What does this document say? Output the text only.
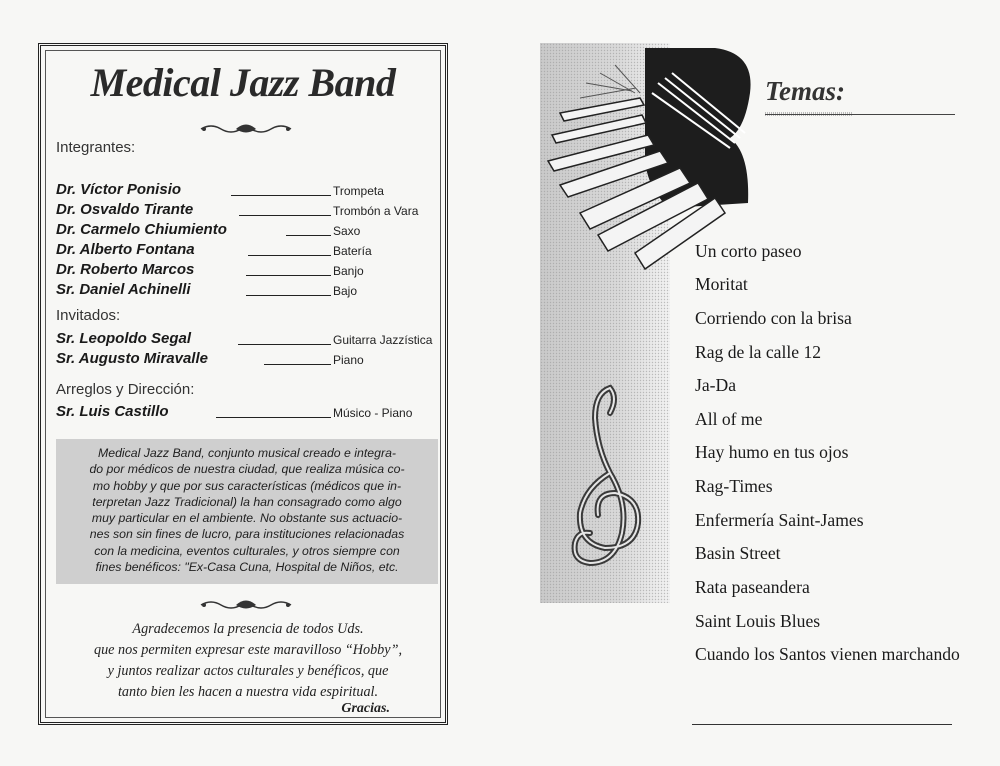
Medical Jazz Band
Integrantes:
Dr. Víctor Ponisio	Trompeta
Dr. Osvaldo Tirante	Trombón a Vara
Dr. Carmelo Chiumiento	Saxo
Dr. Alberto Fontana	Batería
Dr. Roberto Marcos	Banjo
Sr. Daniel Achinelli	Bajo
Invitados:
Sr. Leopoldo Segal	Guitarra Jazzística
Sr. Augusto Miravalle	Piano
Arreglos y Dirección:
Sr. Luis Castillo	Músico - Piano
Medical Jazz Band, conjunto musical creado e integra-
do por médicos de nuestra ciudad, que realiza música co-
mo hobby y que por sus características (médicos que in-
terpretan Jazz Tradicional) la han consagrado como algo
muy particular en el ambiente. No obstante sus actuacio-
nes son sin fines de lucro, para instituciones relacionadas
con la medicina, eventos culturales, y otros siempre con
fines benéficos: "Ex-Casa Cuna, Hospital de Niños, etc.
Agradecemos la presencia de todos Uds.
que nos permiten expresar este maravilloso “Hobby”,
y juntos realizar actos culturales y benéficos, que
tanto bien les hacen a nuestra vida espiritual.
Gracias.
Temas:
Un corto paseo
Moritat
Corriendo con la brisa
Rag de la calle 12
Ja-Da
All of me
Hay humo en tus ojos
Rag-Times
Enfermería Saint-James
Basin Street
Rata paseandera
Saint Louis Blues
Cuando los Santos vienen marchando
